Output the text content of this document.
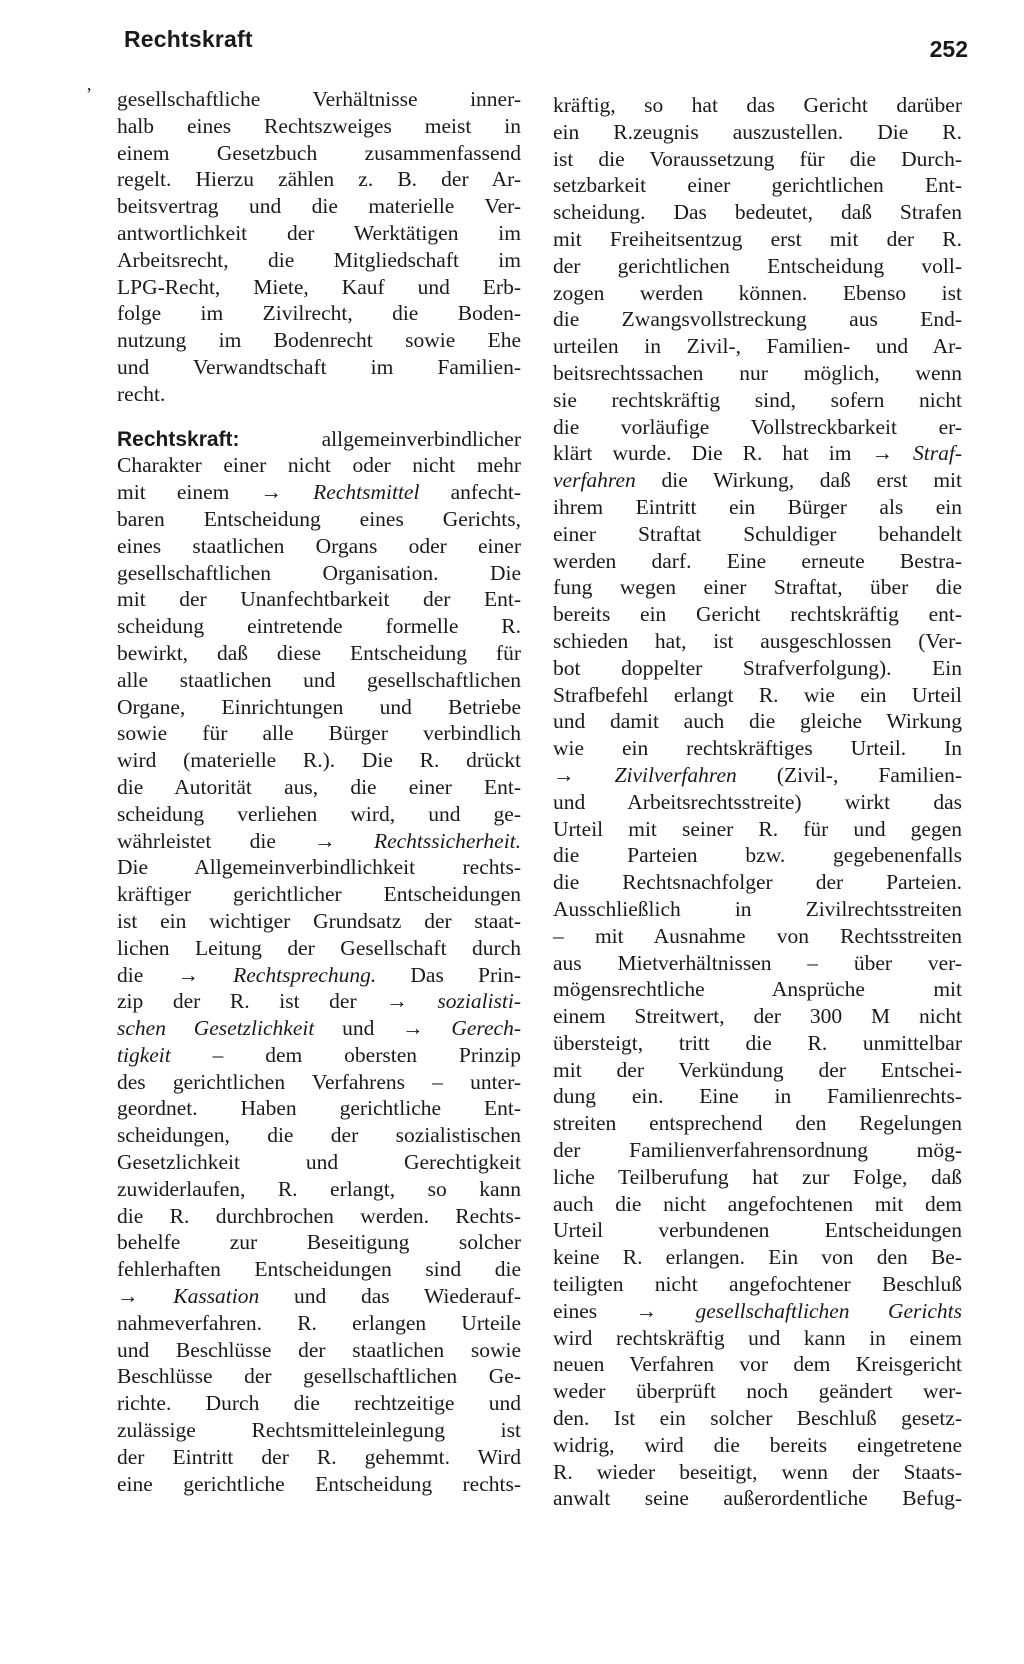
Rechtskraft	252
ʼ gesellschaftliche Verhältnisse inner-
halb eines Rechtszweiges meist in
einem Gesetzbuch zusammenfassend
regelt. Hierzu zählen z. B. der Ar-
beitsvertrag und die materielle Ver-
antwortlichkeit der Werktätigen im
Arbeitsrecht, die Mitgliedschaft im
LPG-Recht, Miete, Kauf und Erb-
folge im Zivilrecht, die Boden-
nutzung im Bodenrecht sowie Ehe
und Verwandtschaft im Familien-
recht.
Rechtskraft:	allgemeinverbindlicher
Charakter einer nicht oder nicht mehr
mit einem → Rechtsmittel anfecht-
baren Entscheidung eines Gerichts,
eines staatlichen Organs oder einer
gesellschaftlichen Organisation. Die
mit der Unanfechtbarkeit der Ent-
scheidung eintretende formelle R.
bewirkt, daß diese Entscheidung für
alle staatlichen und gesellschaftlichen
Organe, Einrichtungen und Betriebe
sowie für alle Bürger verbindlich
wird (materielle R.). Die R. drückt
die Autorität aus, die einer Ent-
scheidung verliehen wird, und ge-
währleistet die → Rechtssicherheit.
Die Allgemeinverbindlichkeit rechts-
kräftiger gerichtlicher Entscheidungen
ist ein wichtiger Grundsatz der staat-
lichen Leitung der Gesellschaft durch
die → Rechtsprechung. Das Prin-
zip der R. ist der → sozialisti-
schen Gesetzlichkeit und → Gerech-
tigkeit – dem obersten Prinzip
des gerichtlichen Verfahrens – unter-
geordnet. Haben gerichtliche Ent-
scheidungen, die der sozialistischen
Gesetzlichkeit und Gerechtigkeit
zuwiderlaufen, R. erlangt, so kann
die R. durchbrochen werden. Rechts-
behelfe zur Beseitigung solcher
fehlerhaften Entscheidungen sind die
→ Kassation und das Wiederauf-
nahmeverfahren. R. erlangen Urteile
und Beschlüsse der staatlichen sowie
Beschlüsse der gesellschaftlichen Ge-
richte. Durch die rechtzeitige und
zulässige Rechtsmitteleinlegung ist
der Eintritt der R. gehemmt. Wird
eine gerichtliche Entscheidung rechts-
kräftig, so hat das Gericht darüber
ein R.zeugnis auszustellen. Die R.
ist die Voraussetzung für die Durch-
setzbarkeit einer gerichtlichen Ent-
scheidung. Das bedeutet, daß Strafen
mit Freiheitsentzug erst mit der R.
der gerichtlichen Entscheidung voll-
zogen werden können. Ebenso ist
die Zwangsvollstreckung aus End-
urteilen in Zivil-, Familien- und Ar-
beitsrechtssachen nur möglich, wenn
sie rechtskräftig sind, sofern nicht
die vorläufige Vollstreckbarkeit er-
klärt wurde. Die R. hat im → Straf-
verfahren die Wirkung, daß erst mit
ihrem Eintritt ein Bürger als ein
einer Straftat Schuldiger behandelt
werden darf. Eine erneute Bestra-
fung wegen einer Straftat, über die
bereits ein Gericht rechtskräftig ent-
schieden hat, ist ausgeschlossen (Ver-
bot doppelter Strafverfolgung). Ein
Strafbefehl erlangt R. wie ein Urteil
und damit auch die gleiche Wirkung
wie ein rechtskräftiges Urteil. In
→ Zivilverfahren (Zivil-, Familien-
und Arbeitsrechtsstreite) wirkt das
Urteil mit seiner R. für und gegen
die Parteien bzw. gegebenenfalls
die Rechtsnachfolger der Parteien.
Ausschließlich in Zivilrechtsstreiten
– mit Ausnahme von Rechtsstreiten
aus Mietverhältnissen – über ver-
mögensrechtliche Ansprüche mit
einem Streitwert, der 300 M nicht
übersteigt, tritt die R. unmittelbar
mit der Verkündung der Entschei-
dung ein. Eine in Familienrechts-
streiten entsprechend den Regelungen
der Familienverfahrensordnung mög-
liche Teilberufung hat zur Folge, daß
auch die nicht angefochtenen mit dem
Urteil verbundenen Entscheidungen
keine R. erlangen. Ein von den Be-
teiligten nicht angefochtener Beschluß
eines → gesellschaftlichen Gerichts
wird rechtskräftig und kann in einem
neuen Verfahren vor dem Kreisgericht
weder überprüft noch geändert wer-
den. Ist ein solcher Beschluß gesetz-
widrig, wird die bereits eingetretene
R. wieder beseitigt, wenn der Staats-
anwalt seine außerordentliche Befug-
